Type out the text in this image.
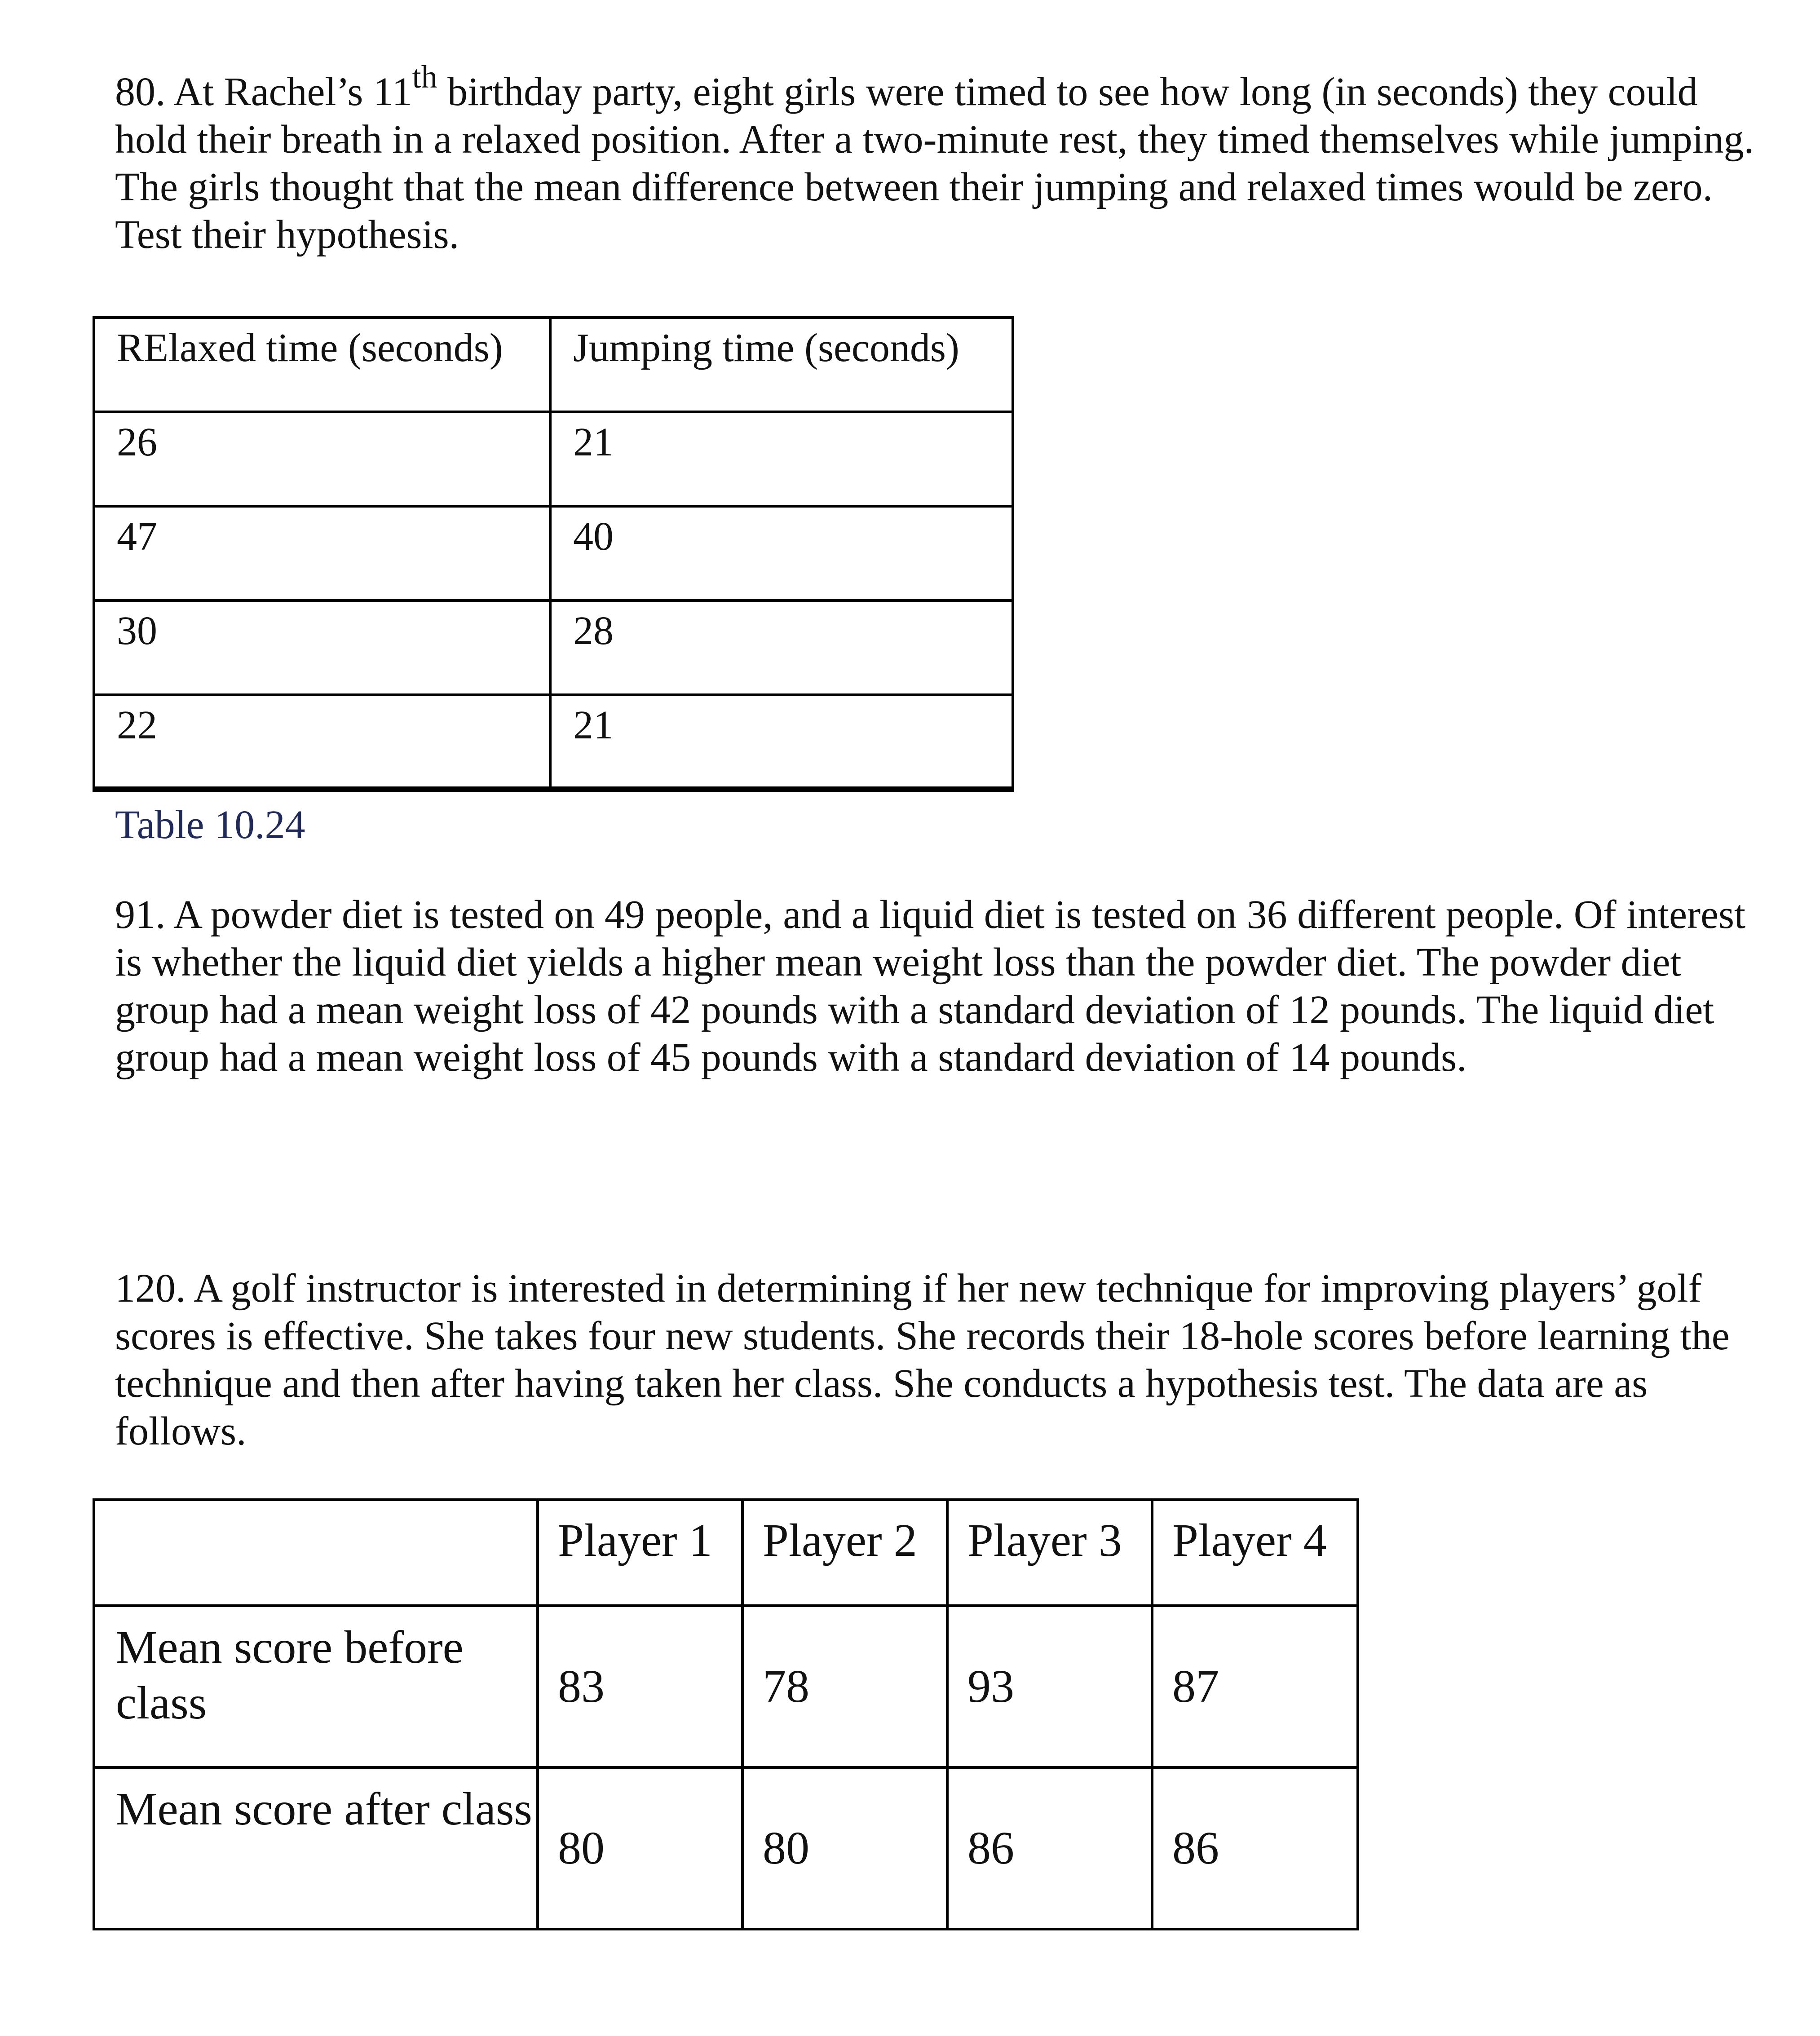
80. At Rachel’s 11th birthday party, eight girls were timed to see how long (in seconds) they could hold their breath in a relaxed position. After a two-minute rest, they timed themselves while jumping. The girls thought that the mean difference between their jumping and relaxed times would be zero. Test their hypothesis.

RElaxed time (seconds)	Jumping time (seconds)
26	21
47	40
30	28
22	21

Table 10.24

91. A powder diet is tested on 49 people, and a liquid diet is tested on 36 different people. Of interest is whether the liquid diet yields a higher mean weight loss than the powder diet. The powder diet group had a mean weight loss of 42 pounds with a standard deviation of 12 pounds. The liquid diet group had a mean weight loss of 45 pounds with a standard deviation of 14 pounds.

120. A golf instructor is interested in determining if her new technique for improving players’ golf scores is effective. She takes four new students. She records their 18-hole scores before learning the technique and then after having taken her class. She conducts a hypothesis test. The data are as follows.

	Player 1	Player 2	Player 3	Player 4
Mean score before class	83	78	93	87
Mean score after class	80	80	86	86
